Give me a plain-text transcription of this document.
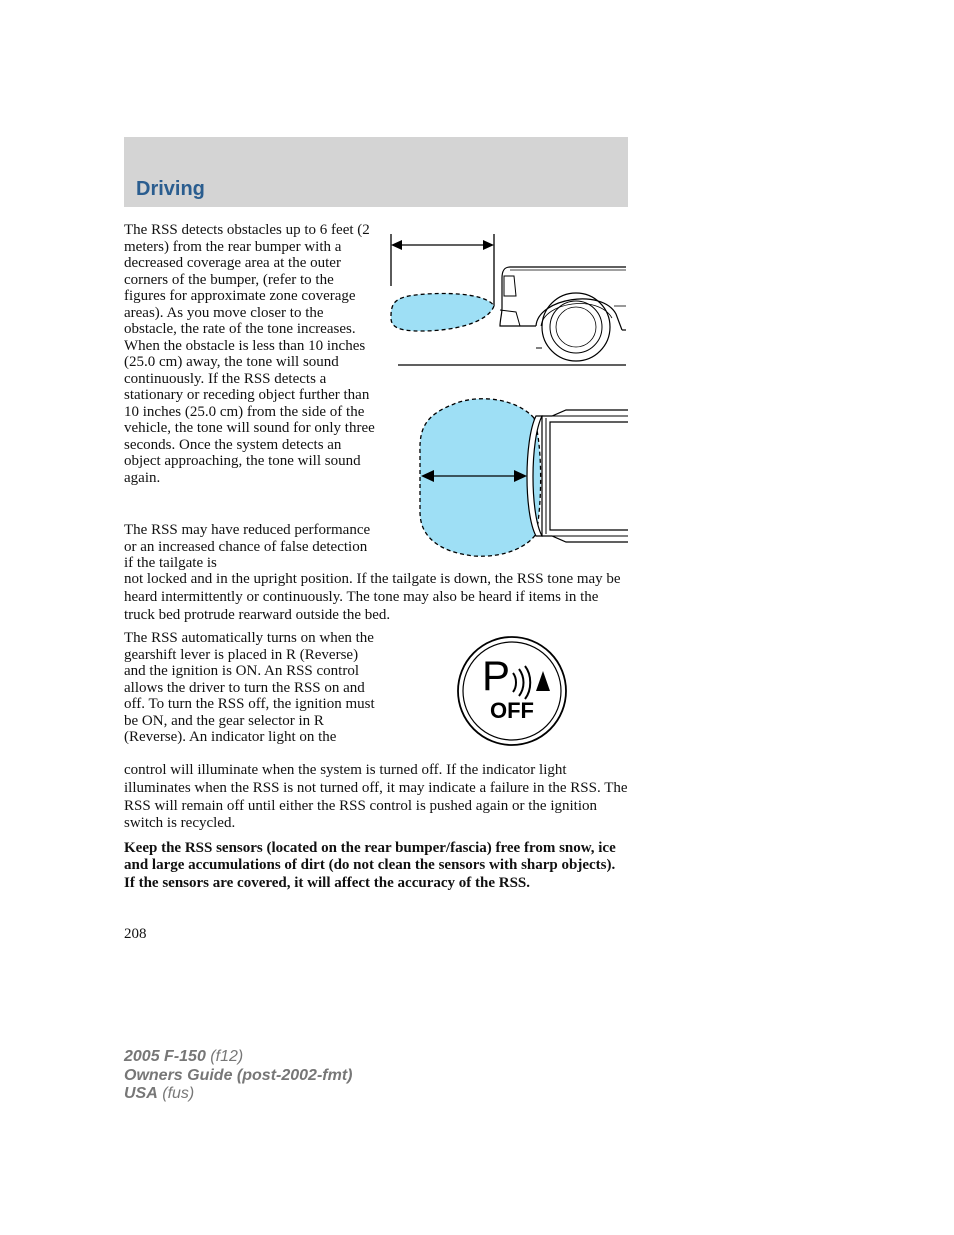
Driving

The RSS detects obstacles up to 6 feet (2 meters) from the rear bumper with a decreased coverage area at the outer corners of the bumper, (refer to the figures for approximate zone coverage areas). As you move closer to the obstacle, the rate of the tone increases. When the obstacle is less than 10 inches (25.0 cm) away, the tone will sound continuously. If the RSS detects a stationary or receding object further than 10 inches (25.0 cm) from the side of the vehicle, the tone will sound for only three seconds. Once the system detects an object approaching, the tone will sound again.

The RSS may have reduced performance or an increased chance of false detection if the tailgate is

not locked and in the upright position. If the tailgate is down, the RSS tone may be heard intermittently or continuously. The tone may also be heard if items in the truck bed protrude rearward outside the bed.

The RSS automatically turns on when the gearshift lever is placed in R (Reverse) and the ignition is ON. An RSS control allows the driver to turn the RSS on and off. To turn the RSS off, the ignition must be ON, and the gear selector in R (Reverse). An indicator light on the

control will illuminate when the system is turned off. If the indicator light illuminates when the RSS is not turned off, it may indicate a failure in the RSS. The RSS will remain off until either the RSS control is pushed again or the ignition switch is recycled.

Keep the RSS sensors (located on the rear bumper/fascia) free from snow, ice and large accumulations of dirt (do not clean the sensors with sharp objects). If the sensors are covered, it will affect the accuracy of the RSS.

208
2005 F-150 (f12)
Owners Guide (post-2002-fmt)
USA (fus)
P
OFF
